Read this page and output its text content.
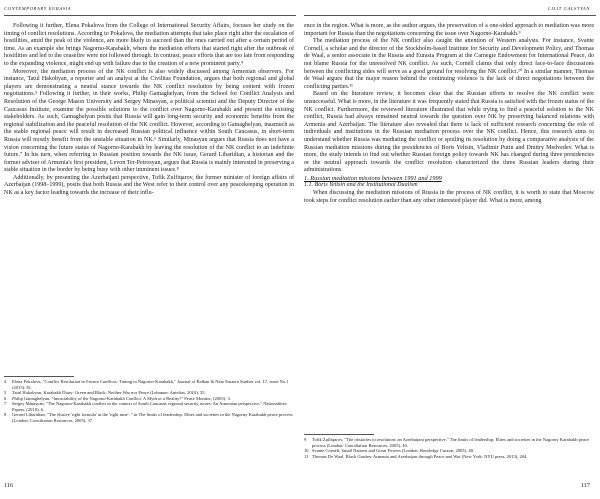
CONTEMPORARY EURASIA	LILIT GALSTYAN

Following it further, Elena Pokalova from the College of International Security Affairs, focuses her study on the timing of conflict resolutions. According to Pokalova, the mediation attempts that take place right after the escalation of hostilities, amid the peak of the violence, are more likely to succeed than the ones carried out after a certain period of time. As an example she brings Nagorno-Karabakh, where the mediation efforts that started right after the outbreak of hostilities and led to the ceasefire were not followed through. In contrast, peace efforts that are too late from responding to the expanding violence, might end up with failure due to the creation of a new prominent party.⁴

Moreover, the mediation process of the NK conflict is also widely discussed among Armenian observers. For instance, Tatul Hakobyan, a reporter and an analyst at the Civilitas Foundation, argues that both regional and global players are demonstrating a neutral stance towards the NK conflict resolution by being content with frozen negotiations.⁵ Following it further, in their works, Philip Gamaghelyan, from the School for Conflict Analysis and Resolution of the George Mason University and Sergey Minasyan, a political scientist and the Deputy Director of the Caucasus Institute, examine the possible solutions to the conflict over Nagorno-Karabakh and present the existing stakeholders. As such, Gamaghelyan posits that Russia will gain long-term security and economic benefits from the regional stabilization and the peaceful resolution of the NK conflict. However, according to Gamaghelyan, inasmuch as the stable regional peace will result in decreased Russian political influence within South Caucasus, in short-term Russia will mostly benefit from the unstable situation in NK.⁶ Similarly, Minasyan argues that Russia does not have a vision concerning the future status of Nagorno-Karabakh by leaving the resolution of the NK conflict to an indefinite future.⁷ In his turn, when referring to Russian position towards the NK issue, Gerard Libaridian, a historian and the former adviser of Armenia's first president, Levon Ter-Petrosyan, argues that Russia is mainly interested in preserving a stable situation in the border by being busy with other imminent issues.⁸

Additionally, by presenting the Azerbaijani perspective, Tofik Zulfiqarov, the former minister of foreign affairs of Azerbaijan (1998–1999), posits that both Russia and the West refer to their control over any peacekeeping operation in NK as a key factor leading towards the increase of their influ-

4	Elena Pokalova, "Conflict Resolution in Frozen Conflicts: Timing in Nagorno-Karabakh," Journal of Balkan & Near Eastern Studies vol. 17, issue No.1 (2015): 81.
5	Tatul Hakobyan, Karabakh Diary: Green and Black: Neither War nor Peace (Lebanon: Antelias, 2010), 35.
6	Philip Gamaghelyan, "Intractability of the Nagorno-Karabakh Conflict: A Myth or a Reality?" Peace Monitor, (2005): 3.
7	Sergey Minasyan, "The Nagorno-Karabakh conflict in the context of South Caucasus regional security issues: An Armenian perspective," Nationalities Papers, (2010), 6.
8	Gerard Libaridian, "The elusive 'right formula' at the 'right time': " in The limits of leadership: Elites and societies in the Nagorny Karabakh peace process (London: Conciliation Resources, 2005), 37.

ence in the region. What is more, as the author argues, the preservation of a one-sided approach to mediation was more important for Russia than the negotiations concerning the issue over Nagorno-Karabakh.⁹

The mediation process of the NK conflict also caught the attention of Western analysts. For instance, Svante Cornell, a scholar and the director of the Stockholm-based Institute for Security and Development Policy, and Thomas de Waal, a senior associate in the Russia and Eurasia Program at the Carnegie Endowment for International Peace, do not blame Russia for the unresolved NK conflict. As such, Cornell claims that only direct face-to-face discussions between the conflicting sides will serve as a good ground for resolving the NK conflict.¹⁰ In a similar manner, Thomas de Waal argues that the major reason behind the continuing violence is the lack of direct negotiations between the conflicting parties.¹¹

Based on the literature review, it becomes clear that the Russian efforts to resolve the NK conflict were unsuccessful. What is more, in the literature it was frequently stated that Russia is satisfied with the frozen status of the NK conflict. Furthermore, the reviewed literature illustrated that while trying to find a peaceful solution to the NK conflict, Russia had always remained neutral towards the question over NK by preserving balanced relations with Armenia and Azerbaijan. The literature also revealed that there is lack of sufficient research concerning the role of individuals and institutions in the Russian mediation process over the NK conflict. Hence, this research aims to understand whether Russia was mediating the conflict or spoiling its resolution by doing a comparative analysis of the Russian mediation missions during the presidencies of Boris Yeltsin, Vladimir Putin and Dmitry Medvedev. What is more, the study intends to find out whether Russian foreign policy towards NK has changed during three presidencies or the neutral approach towards the conflict resolution characterized the three Russian leaders during their administrations.

1. Russian mediation missions between 1991 and 1999

1.1. Boris Yeltsin and the Institutional Dualism

When discussing the mediation missions of Russia in the process of NK conflict, it is worth to state that Moscow took steps for conflict resolution earlier than any other interested player did. What is more, among

9	Tofik Zulfiqarov, "The obstacles to resolution: an Azerbaijani perspective," The limits of leadership: Elites and societies in the Nagorny Karabakh peace process (London: Conciliation Resources, 2005), 40.
10 Svante Cornell, Small Nations and Great Powers (London: Routledge Curzon, 2005), 48.
11 Thomas De Waal, Black Garden: Armenia and Azerbaijan through Peace and War (New York: NYU press, 2013), 204.
116	117
